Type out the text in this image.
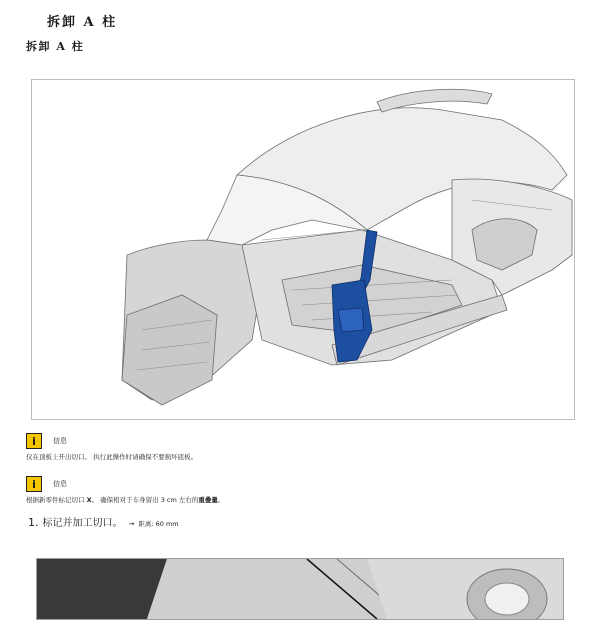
拆卸 A 柱
拆卸 A 柱
i	信息
仅在顶板上开出切口。 执行此操作时请确保不要损坏底板。
i	信息
根据新零件标记切口 X。 确保相对于车身留出 3 cm 左右的重叠量。
1. 标记并加工切口。 → 距离: 60 mm
